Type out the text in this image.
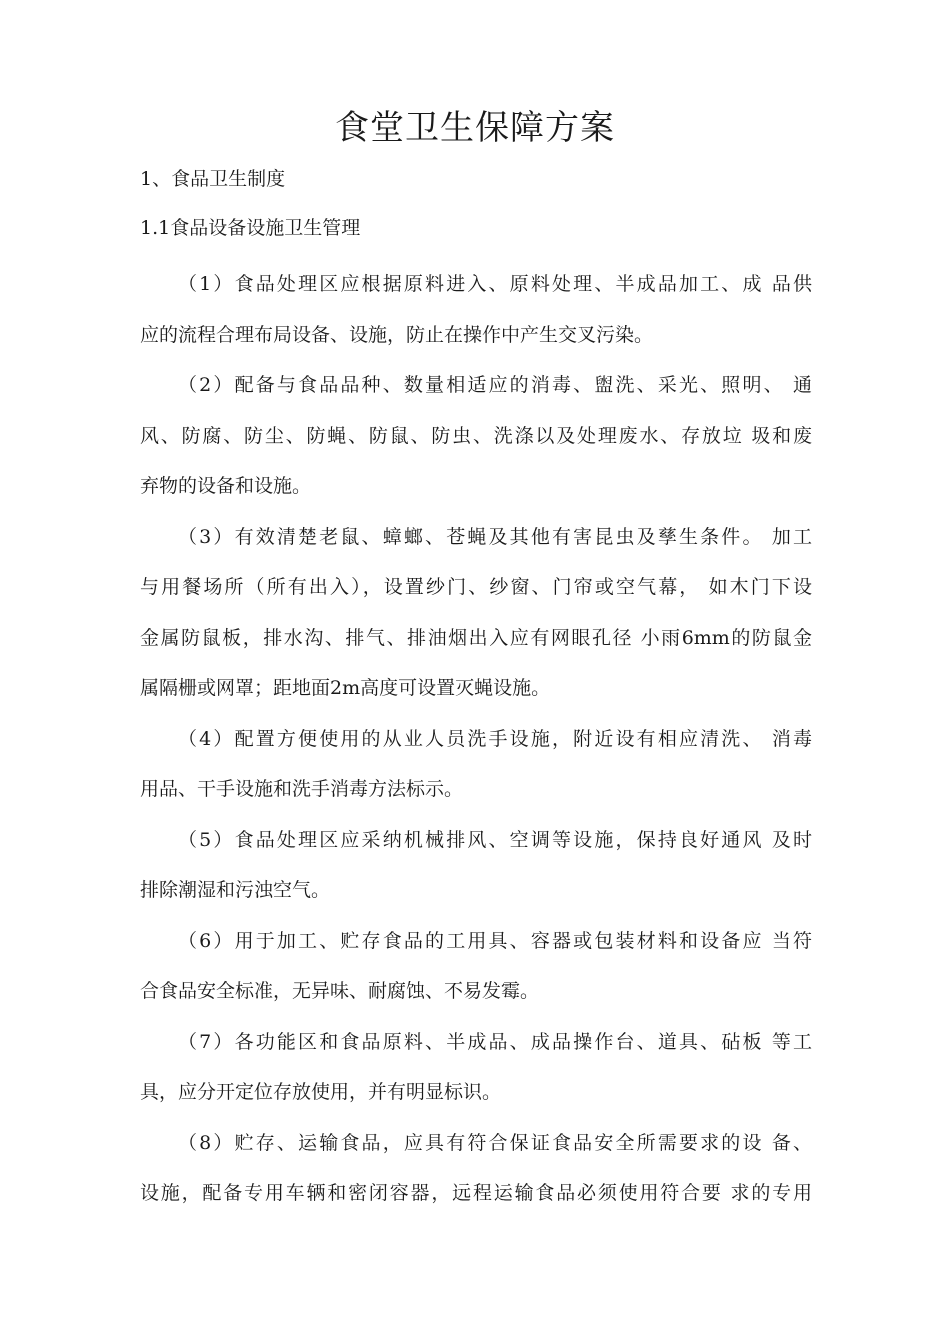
食堂卫生保障方案
1、食品卫生制度
1.1食品设备设施卫生管理

（1）食品处理区应根据原料进入、原料处理、半成品加工、成 品供
应的流程合理布局设备、设施，防止在操作中产生交叉污染。

（2）配备与食品品种、数量相适应的消毒、盥洗、采光、照明、 通
风、防腐、防尘、防蝇、防鼠、防虫、洗涤以及处理废水、存放垃 圾和废
弃物的设备和设施。

（3）有效清楚老鼠、蟑螂、苍蝇及其他有害昆虫及孳生条件。 加工
与用餐场所（所有出入），设置纱门、纱窗、门帘或空气幕， 如木门下设
金属防鼠板，排水沟、排气、排油烟出入应有网眼孔径 小雨6mm的防鼠金
属隔栅或网罩；距地面2m高度可设置灭蝇设施。

（4）配置方便使用的从业人员洗手设施，附近设有相应清洗、 消毒
用品、干手设施和洗手消毒方法标示。

（5）食品处理区应采纳机械排风、空调等设施，保持良好通风 及时
排除潮湿和污浊空气。

（6）用于加工、贮存食品的工用具、容器或包装材料和设备应 当符
合食品安全标准，无异味、耐腐蚀、不易发霉。

（7）各功能区和食品原料、半成品、成品操作台、道具、砧板 等工
具，应分开定位存放使用，并有明显标识。

（8）贮存、运输食品，应具有符合保证食品安全所需要求的设 备、
设施，配备专用车辆和密闭容器，远程运输食品必须使用符合要 求的专用
